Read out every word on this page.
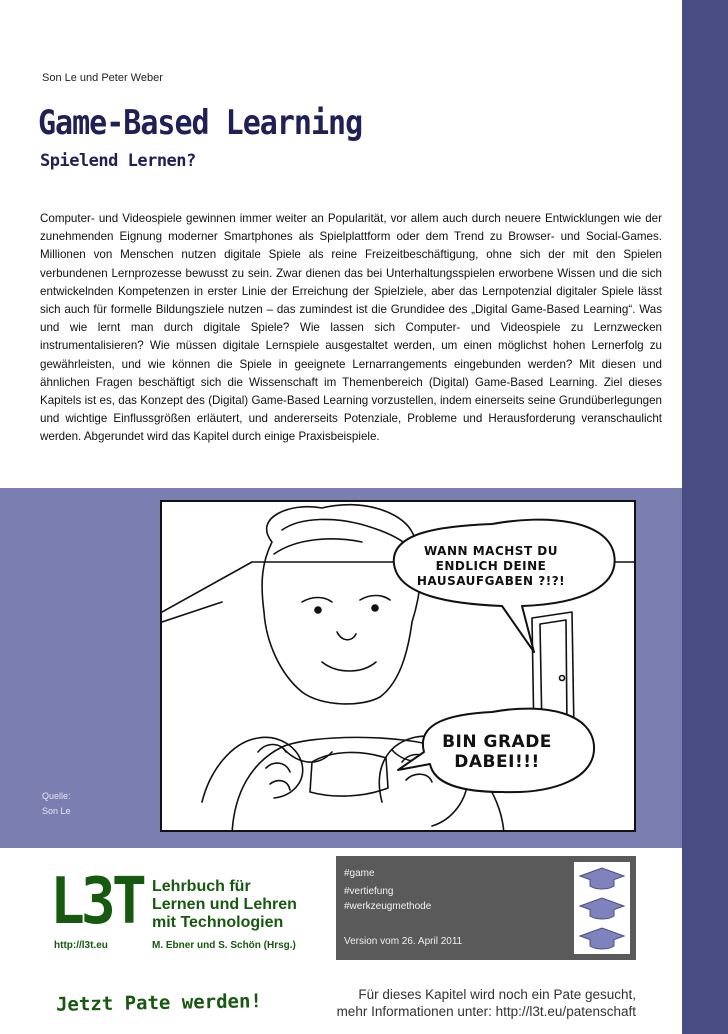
Son Le und Peter Weber
Game-Based Learning
Spielend Lernen?
Computer- und Videospiele gewinnen immer weiter an Popularität, vor allem auch durch neuere Entwicklungen wie der zunehmenden Eignung moderner Smartphones als Spielplattform oder dem Trend zu Browser- und Social-Games. Millionen von Menschen nutzen digitale Spiele als reine Freizeitbeschäftigung, ohne sich der mit den Spielen verbundenen Lernprozesse bewusst zu sein. Zwar dienen das bei Unterhaltungsspielen erworbene Wissen und die sich entwickelnden Kompetenzen in erster Linie der Erreichung der Spielziele, aber das Lernpotenzial digitaler Spiele lässt sich auch für formelle Bildungsziele nutzen – das zumindest ist die Grundidee des „Digital Game-Based Learning“. Was und wie lernt man durch digitale Spiele? Wie lassen sich Computer- und Videospiele zu Lernzwecken instrumentalisieren? Wie müssen digitale Lernspiele ausgestaltet werden, um einen möglichst hohen Lernerfolg zu gewährleisten, und wie können die Spiele in geeignete Lernarrangements eingebunden werden? Mit diesen und ähnlichen Fragen beschäftigt sich die Wissenschaft im Themenbereich (Digital) Game-Based Learning. Ziel dieses Kapitels ist es, das Konzept des (Digital) Game-Based Learning vorzustellen, indem einerseits seine Grundüberlegungen und wichtige Einflussgrößen erläutert, und andererseits Potenziale, Probleme und Herausforderung veranschaulicht werden. Abgerundet wird das Kapitel durch einige Praxisbeispiele.
WANN MACHST DU ENDLICH DEINE HAUSAUFGABEN ?!?!
BIN GRADE DABEI!!!
Quelle:
Son Le
L3T Lehrbuch für
Lernen und Lehren
mit Technologien
http://l3t.eu	M. Ebner und S. Schön (Hrsg.)
#game
#vertiefung
#werkzeugmethode
Version vom 26. April 2011
Jetzt Pate werden!	Für dieses Kapitel wird noch ein Pate gesucht,
mehr Informationen unter: http://l3t.eu/patenschaft
